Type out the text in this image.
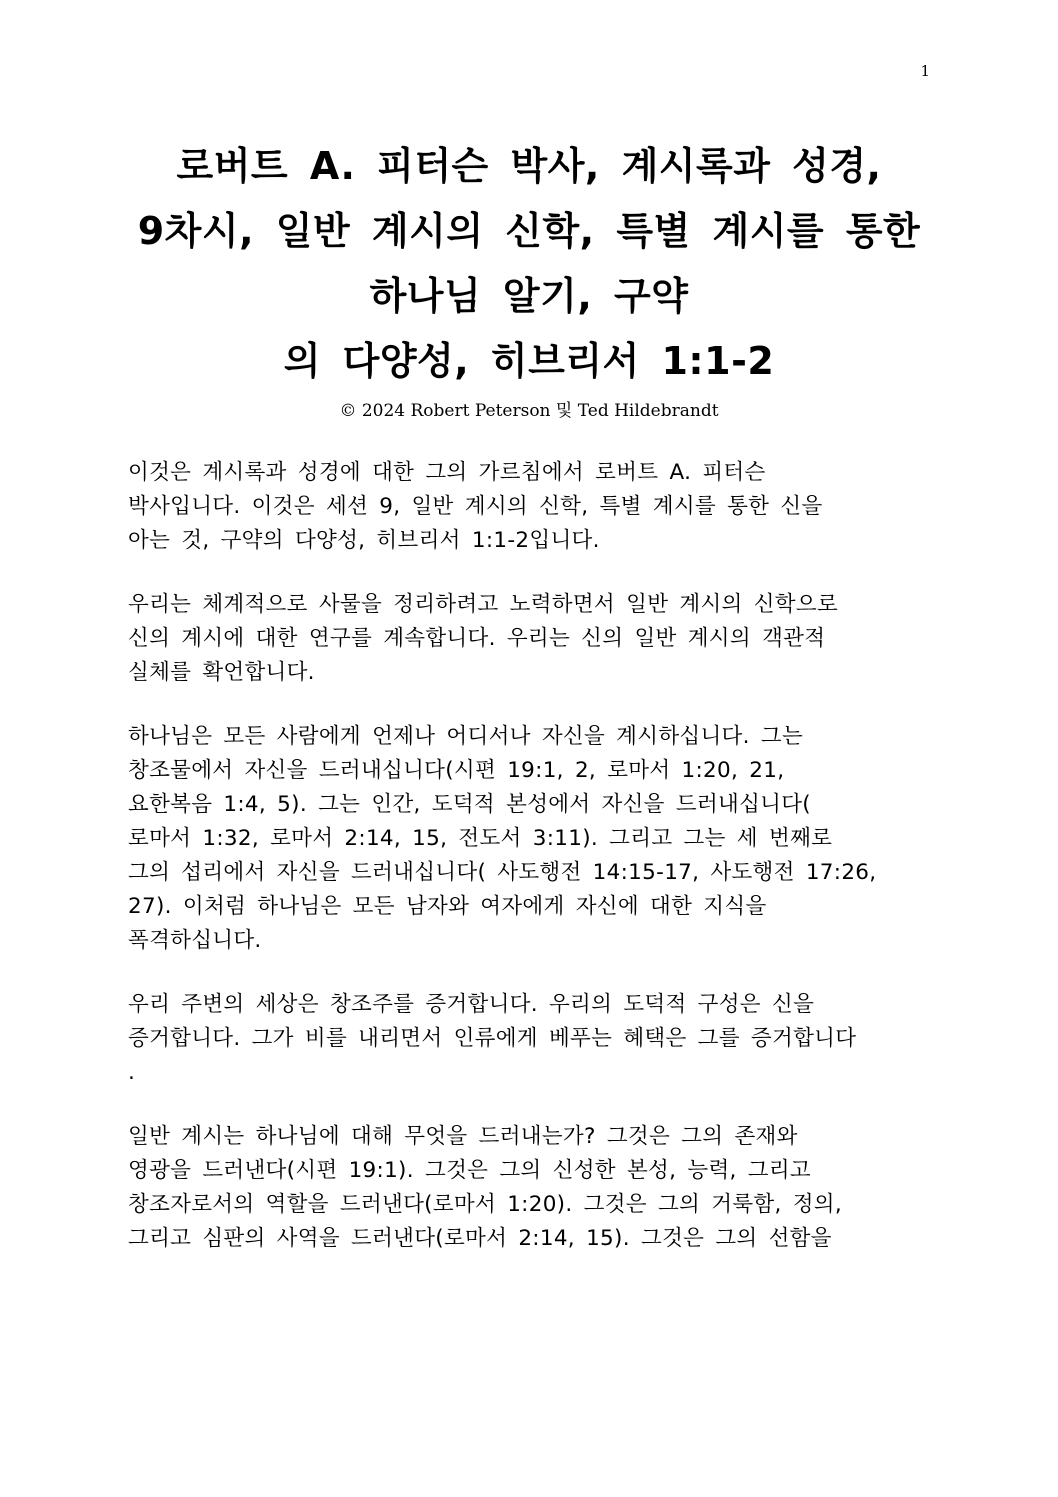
1
로버트 A. 피터슨 박사, 계시록과 성경,
9차시, 일반 계시의 신학, 특별 계시를 통한
하나님 알기, 구약
의 다양성, 히브리서 1:1-2
© 2024 Robert Peterson 및 Ted Hildebrandt
이것은 계시록과 성경에 대한 그의 가르침에서 로버트 A. 피터슨
박사입니다. 이것은 세션 9, 일반 계시의 신학, 특별 계시를 통한 신을
아는 것, 구약의 다양성, 히브리서 1:1-2입니다.
우리는 체계적으로 사물을 정리하려고 노력하면서 일반 계시의 신학으로
신의 계시에 대한 연구를 계속합니다. 우리는 신의 일반 계시의 객관적
실체를 확언합니다.
하나님은 모든 사람에게 언제나 어디서나 자신을 계시하십니다. 그는
창조물에서 자신을 드러내십니다(시편 19:1, 2, 로마서 1:20, 21,
요한복음 1:4, 5). 그는 인간, 도덕적 본성에서 자신을 드러내십니다(
로마서 1:32, 로마서 2:14, 15, 전도서 3:11). 그리고 그는 세 번째로
그의 섭리에서 자신을 드러내십니다( 사도행전 14:15-17, 사도행전 17:26,
27). 이처럼 하나님은 모든 남자와 여자에게 자신에 대한 지식을
폭격하십니다.
우리 주변의 세상은 창조주를 증거합니다. 우리의 도덕적 구성은 신을
증거합니다. 그가 비를 내리면서 인류에게 베푸는 혜택은 그를 증거합니다
.
일반 계시는 하나님에 대해 무엇을 드러내는가? 그것은 그의 존재와
영광을 드러낸다(시편 19:1). 그것은 그의 신성한 본성, 능력, 그리고
창조자로서의 역할을 드러낸다(로마서 1:20). 그것은 그의 거룩함, 정의,
그리고 심판의 사역을 드러낸다(로마서 2:14, 15). 그것은 그의 선함을
